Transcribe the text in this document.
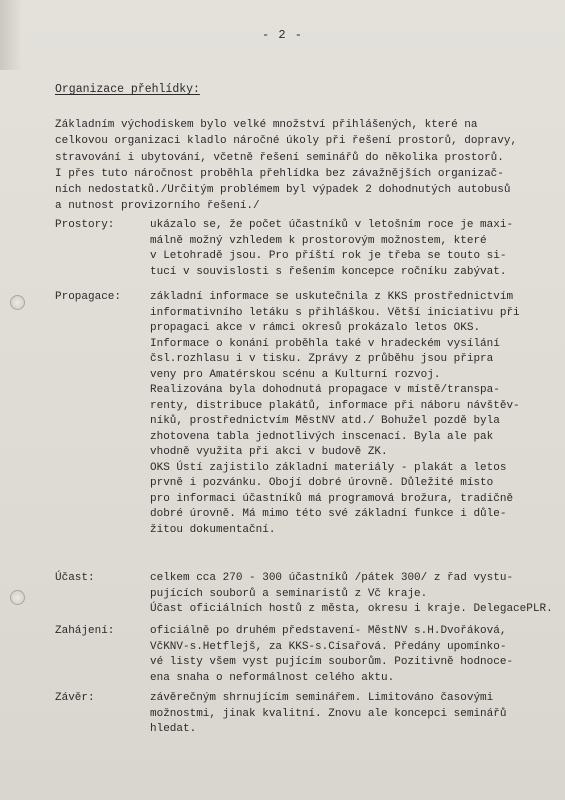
- 2 -
Organizace přehlídky:
Základním východiskem bylo velké množství přihlášených, které na
celkovou organizaci kladlo náročné úkoly při řešení prostorů, dopravy,
stravování i ubytování, včetně řešení seminářů do několika prostorů.
I přes tuto náročnost proběhla přehlídka bez závažnějších organizač-
ních nedostatků./Určitým problémem byl výpadek 2 dohodnutých autobusů
a nutnost provizorního řešení./
Prostory:	ukázalo se, že počet účastníků v letošním roce je maxi-
málně možný vzhledem k prostorovým možnostem, které
v Letohradě jsou. Pro příští rok je třeba se touto si-
tucí v souvislosti s řešením koncepce ročníku zabývat.
Propagace:	základní informace se uskutečnila z KKS prostřednictvím
informativního letáku s přihláškou. Větší iniciativu při
propagaci akce v rámci okresů prokázalo letos OKS.
Informace o konání proběhla také v hradeckém vysílání
čsl.rozhlasu i v tisku. Zprávy z průběhu jsou připra
veny pro Amatérskou scénu a Kulturní rozvoj.
Realizována byla dohodnutá propagace v místě/transpa-
renty, distribuce plakátů, informace při náboru návštěv-
níků, prostřednictvím MěstNV atd./ Bohužel pozdě byla
zhotovena tabla jednotlivých inscenací. Byla ale pak
vhodně využita při akci v budově ZK.
OKS Ústí zajistilo základní materiály - plakát a letos
prvně i pozvánku. Obojí dobré úrovně. Důležité místo
pro informaci účastníků má programová brožura, tradičně
dobré úrovně. Má mimo této své základní funkce i důle-
žitou dokumentační.
Účast:	celkem cca 270 - 300 účastníků /pátek 300/ z řad vystu-
pujících souborů a seminaristů z Vč kraje.
Účast oficiálních hostů z města, okresu i kraje. DelegacePLR.
Zahájení:	oficiálně po druhém představení- MěstNV s.H.Dvořáková,
VčKNV-s.Hetflejš, za KKS-s.Císařová. Předány upomínko-
vé listy všem vyst pujícím souborům. Pozitivně hodnoce-
ena snaha o neformálnost celého aktu.
Závěr:	závěrečným shrnujícím seminářem. Limitováno časovými
možnostmi, jinak kvalitní. Znovu ale koncepci seminářů
hledat.
